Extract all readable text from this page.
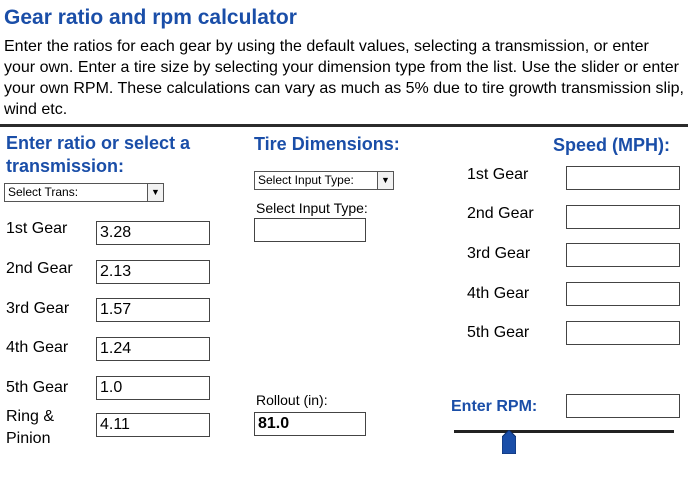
Gear ratio and rpm calculator
Enter the ratios for each gear by using the default values, selecting a transmission, or enter your own. Enter a tire size by selecting your dimension type from the list. Use the slider or enter your own RPM. These calculations can vary as much as 5% due to tire growth transmission slip, wind etc.
Enter ratio or select a transmission:
Select Trans:	▼
1st Gear 3.28
2nd Gear 2.13
3rd Gear 1.57
4th Gear 1.24
5th Gear 1.0
Ring &
Pinion
4.11
Tire Dimensions:
Select Input Type:	▼
Select Input Type:
Rollout (in):
81.0
Speed (MPH):
1st Gear
2nd Gear
3rd Gear
4th Gear
5th Gear
Enter RPM:
